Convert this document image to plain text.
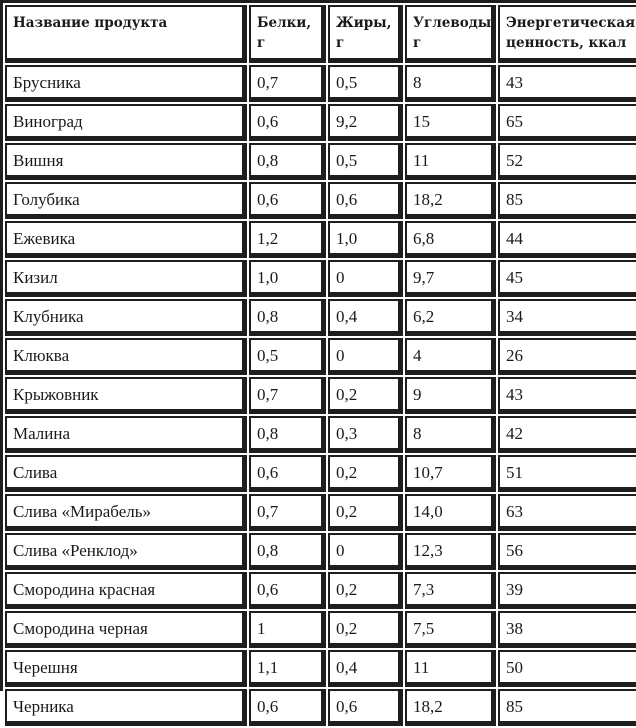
Название продукта	Белки, г	Жиры, г	Углеводы, г	Энергетическая ценность, ккал
Брусника	0,7	0,5	8	43
Виноград	0,6	9,2	15	65
Вишня	0,8	0,5	11	52
Голубика	0,6	0,6	18,2	85
Ежевика	1,2	1,0	6,8	44
Кизил	1,0	0	9,7	45
Клубника	0,8	0,4	6,2	34
Клюква	0,5	0	4	26
Крыжовник	0,7	0,2	9	43
Малина	0,8	0,3	8	42
Слива	0,6	0,2	10,7	51
Слива «Мирабель»	0,7	0,2	14,0	63
Слива «Ренклод»	0,8	0	12,3	56
Смородина красная	0,6	0,2	7,3	39
Смородина черная	1	0,2	7,5	38
Черешня	1,1	0,4	11	50
Черника	0,6	0,6	18,2	85
